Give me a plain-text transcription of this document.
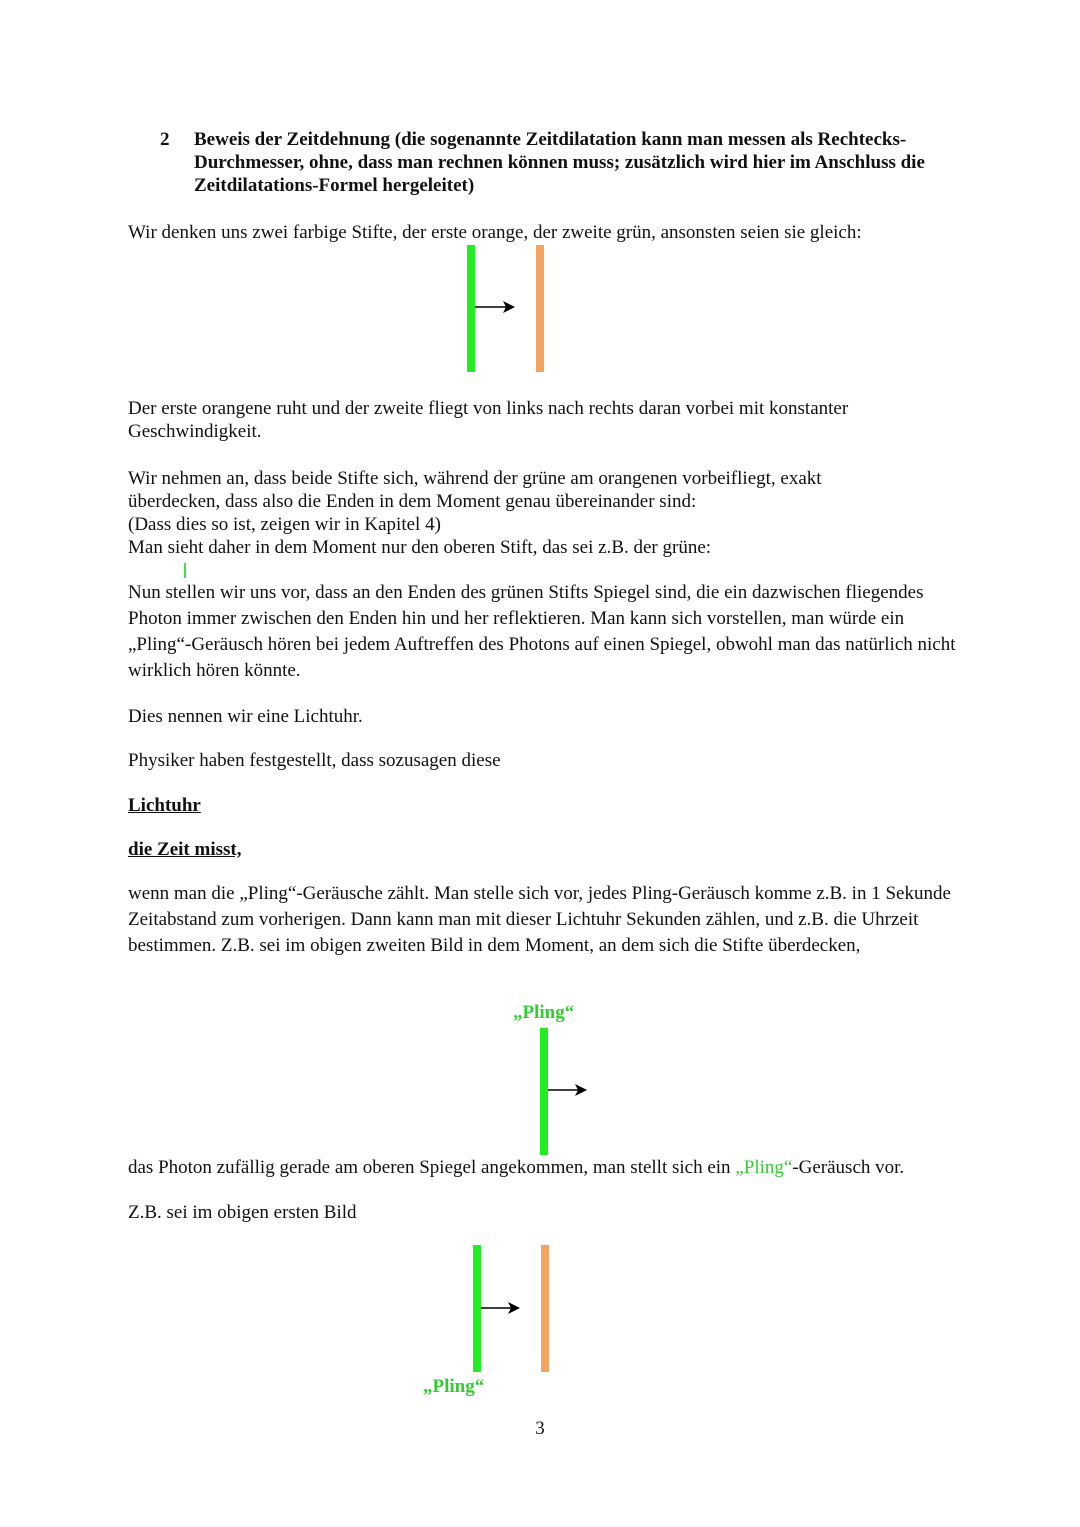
2 Beweis der Zeitdehnung (die sogenannte Zeitdilatation kann man messen als Rechtecks-Durchmesser, ohne, dass man rechnen können muss; zusätzlich wird hier im Anschluss die Zeitdilatations-Formel hergeleitet)
Wir denken uns zwei farbige Stifte, der erste orange, der zweite grün, ansonsten seien sie gleich:
Der erste orangene ruht und der zweite fliegt von links nach rechts daran vorbei mit konstanter Geschwindigkeit.
Wir nehmen an, dass beide Stifte sich, während der grüne am orangenen vorbeifliegt, exakt
überdecken, dass also die Enden in dem Moment genau übereinander sind:
(Dass dies so ist, zeigen wir in Kapitel 4)
Man sieht daher in dem Moment nur den oberen Stift, das sei z.B. der grüne:
Nun stellen wir uns vor, dass an den Enden des grünen Stifts Spiegel sind, die ein dazwischen fliegendes Photon immer zwischen den Enden hin und her reflektieren. Man kann sich vorstellen, man würde ein „Pling“-Geräusch hören bei jedem Auftreffen des Photons auf einen Spiegel, obwohl man das natürlich nicht wirklich hören könnte.
Dies nennen wir eine Lichtuhr.
Physiker haben festgestellt, dass sozusagen diese
Lichtuhr
die Zeit misst,
wenn man die „Pling“-Geräusche zählt. Man stelle sich vor, jedes Pling-Geräusch komme z.B. in 1 Sekunde Zeitabstand zum vorherigen. Dann kann man mit dieser Lichtuhr Sekunden zählen, und z.B. die Uhrzeit bestimmen. Z.B. sei im obigen zweiten Bild in dem Moment, an dem sich die Stifte überdecken,
„Pling“
das Photon zufällig gerade am oberen Spiegel angekommen, man stellt sich ein „Pling“-Geräusch vor.
Z.B. sei im obigen ersten Bild
„Pling“
3
